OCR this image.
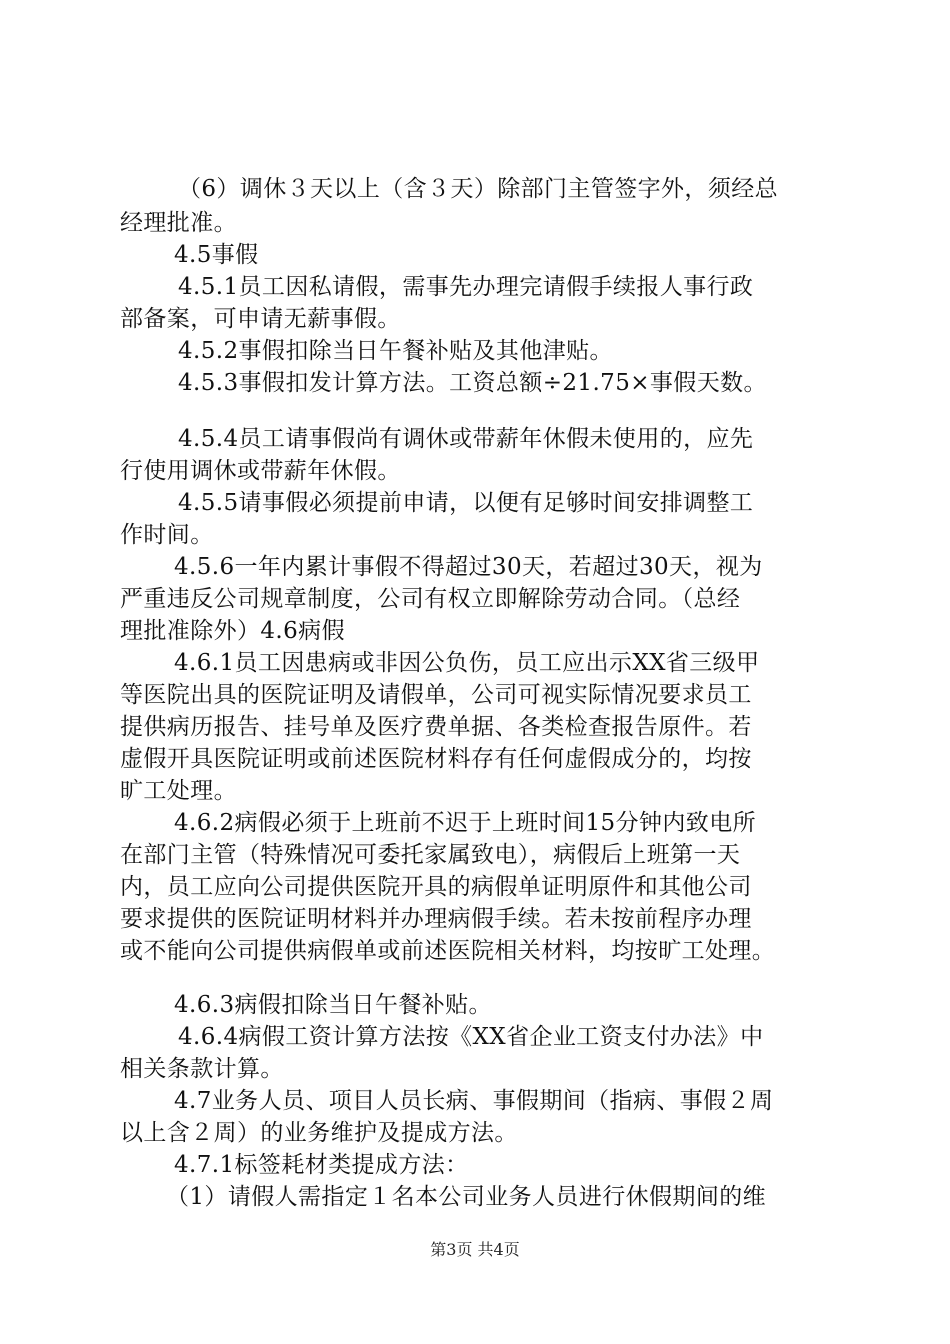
（6）调休３天以上（含３天）除部门主管签字外，须经总
经理批准。
4.5事假
4.5.1员工因私请假，需事先办理完请假手续报人事行政
部备案，可申请无薪事假。
4.5.2事假扣除当日午餐补贴及其他津贴。
4.5.3事假扣发计算方法。工资总额÷21.75×事假天数。
4.5.4员工请事假尚有调休或带薪年休假未使用的，应先
行使用调休或带薪年休假。
4.5.5请事假必须提前申请，以便有足够时间安排调整工
作时间。
4.5.6一年内累计事假不得超过30天，若超过30天，视为
严重违反公司规章制度，公司有权立即解除劳动合同。（总经
理批准除外）4.6病假
4.6.1员工因患病或非因公负伤，员工应出示XX省三级甲
等医院出具的医院证明及请假单，公司可视实际情况要求员工
提供病历报告、挂号单及医疗费单据、各类检查报告原件。若
虚假开具医院证明或前述医院材料存有任何虚假成分的，均按
旷工处理。
4.6.2病假必须于上班前不迟于上班时间15分钟内致电所
在部门主管（特殊情况可委托家属致电），病假后上班第一天
内，员工应向公司提供医院开具的病假单证明原件和其他公司
要求提供的医院证明材料并办理病假手续。若未按前程序办理
或不能向公司提供病假单或前述医院相关材料，均按旷工处理。
4.6.3病假扣除当日午餐补贴。
4.6.4病假工资计算方法按《XX省企业工资支付办法》中
相关条款计算。
4.7业务人员、项目人员长病、事假期间（指病、事假２周
以上含２周）的业务维护及提成方法。
4.7.1标签耗材类提成方法：
（1）请假人需指定１名本公司业务人员进行休假期间的维
第3页 共4页
